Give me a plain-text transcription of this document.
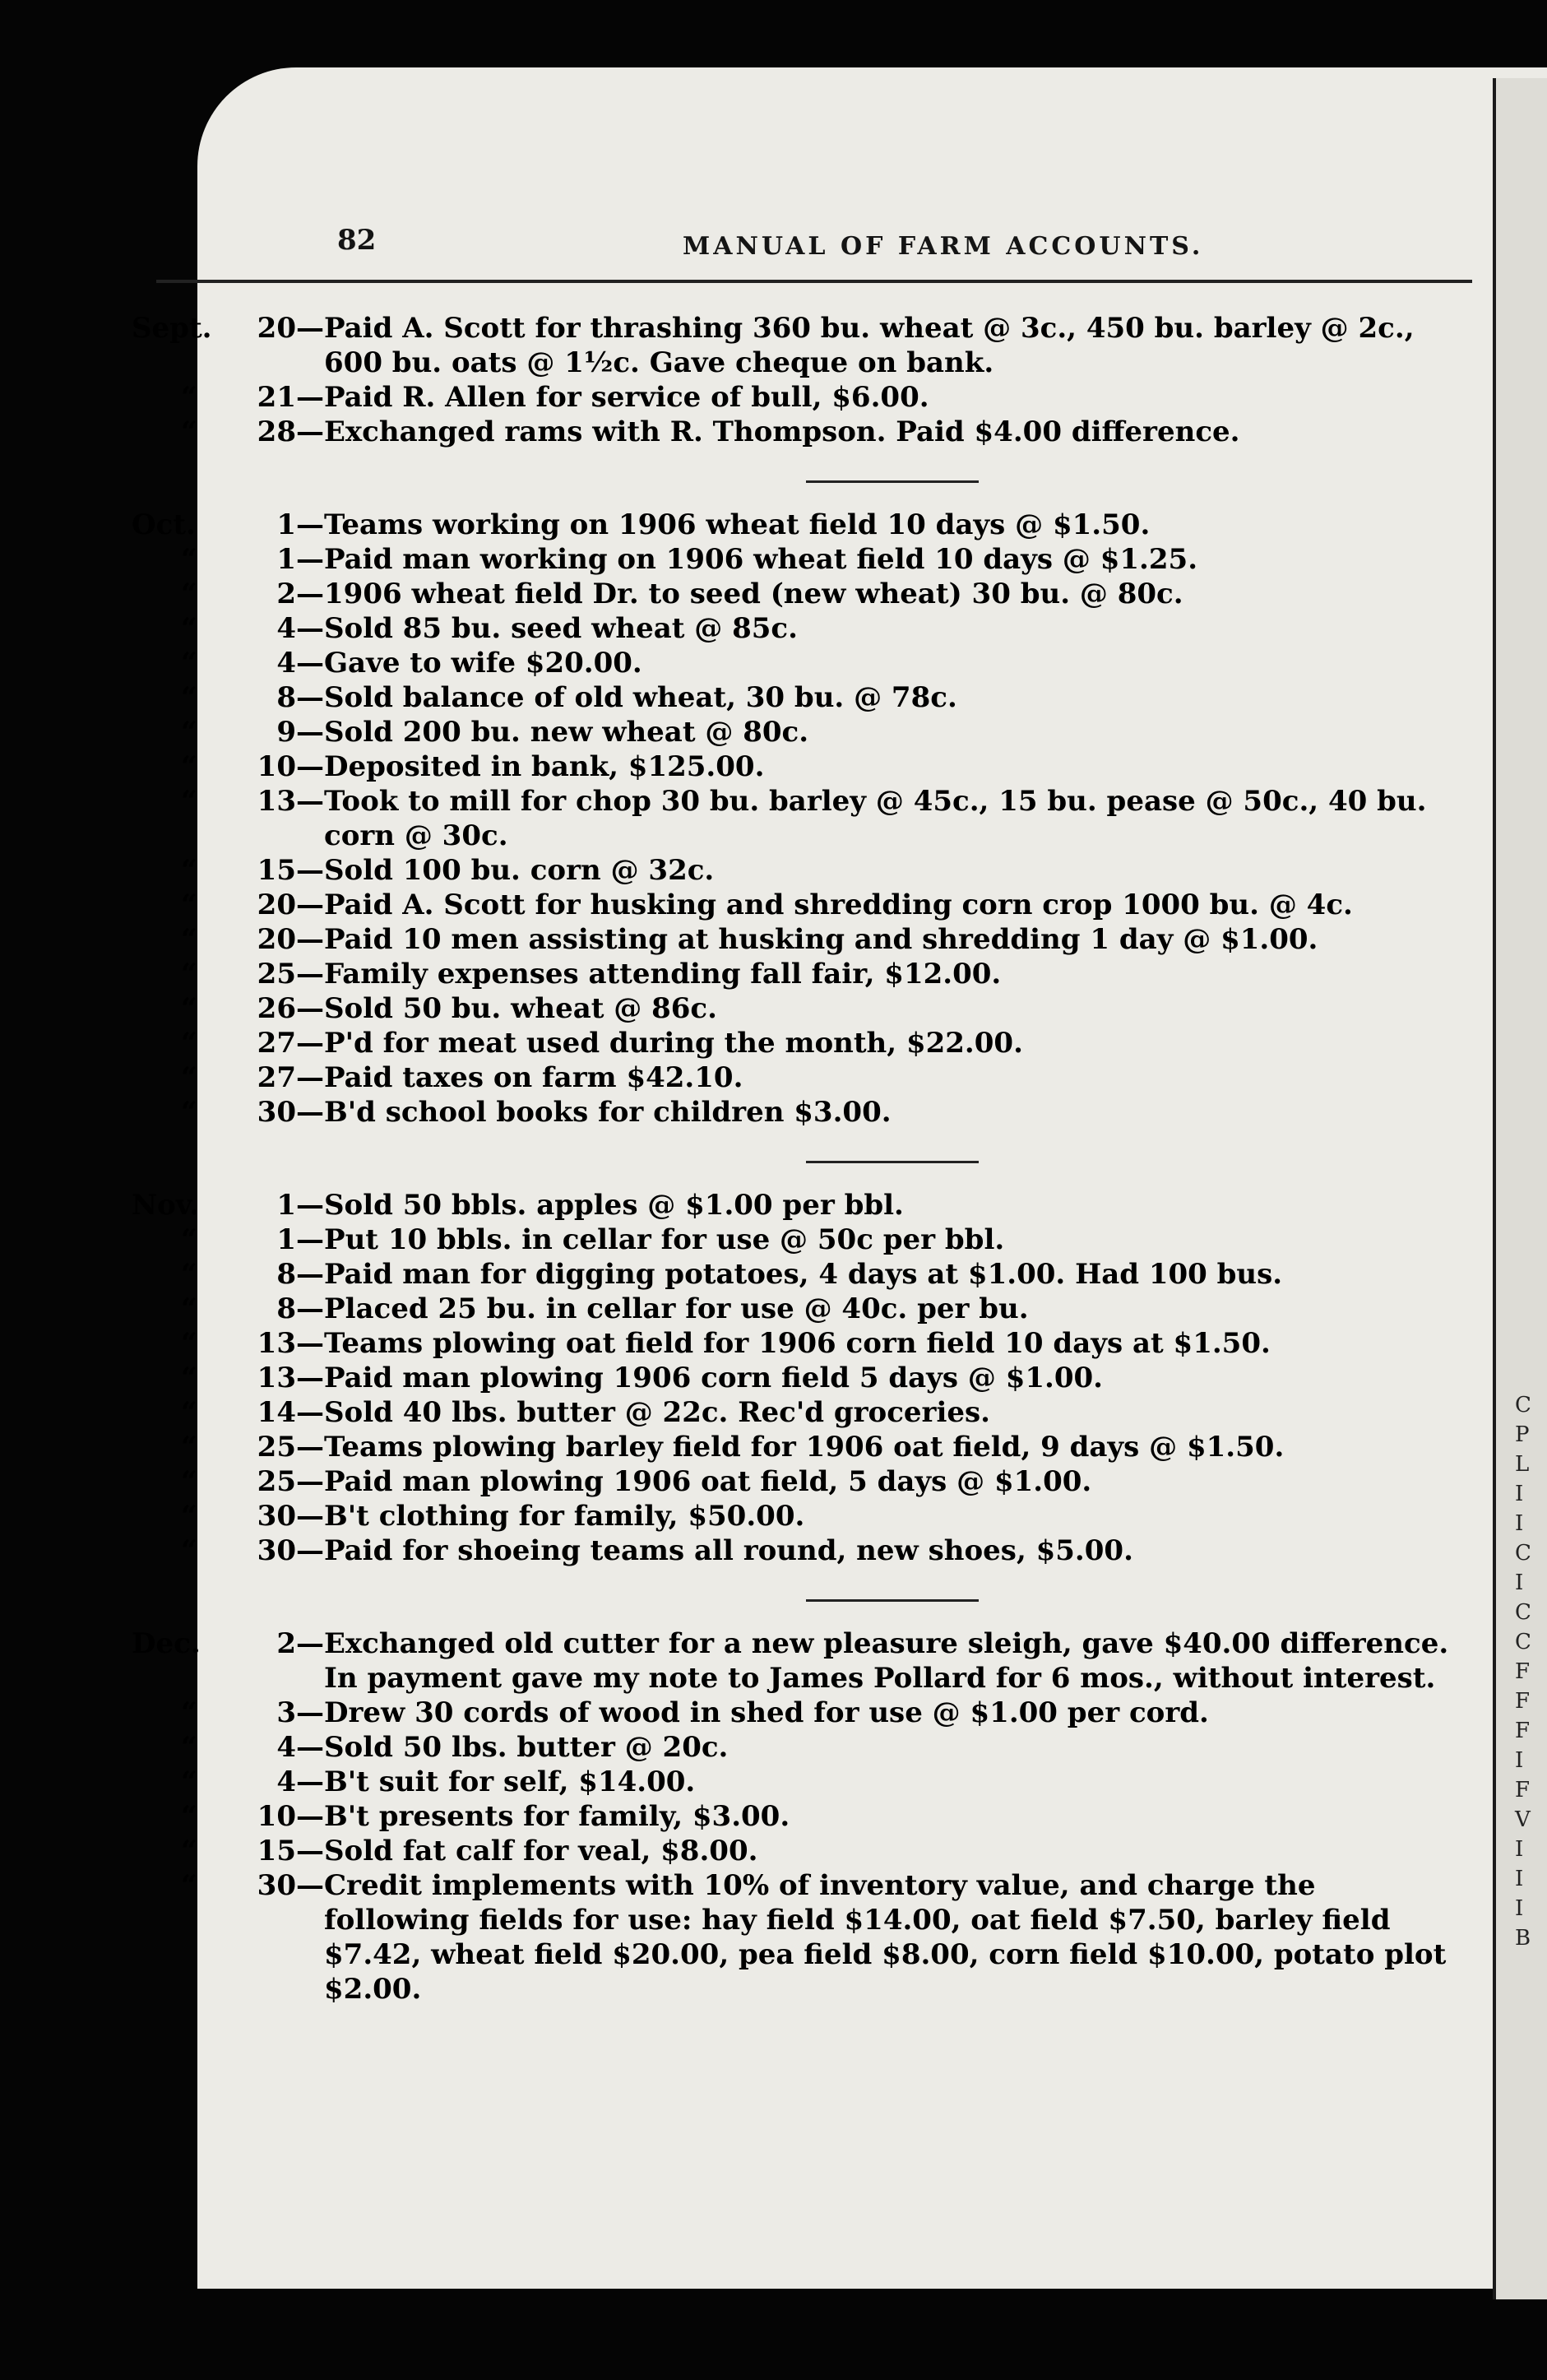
82	MANUAL OF FARM ACCOUNTS.
Sept.	20 — Paid A. Scott for thrashing 360 bu. wheat @ 3c., 450 bu. barley @ 2c., 600 bu. oats @ 1½c. Gave cheque on bank.
“	21 — Paid R. Allen for service of bull, $6.00.
“	28 — Exchanged rams with R. Thompson. Paid $4.00 difference.
Oct.	1 — Teams working on 1906 wheat field 10 days @ $1.50.
“	1 — Paid man working on 1906 wheat field 10 days @ $1.25.
“	2 — 1906 wheat field Dr. to seed (new wheat) 30 bu. @ 80c.
“	4 — Sold 85 bu. seed wheat @ 85c.
“	4 — Gave to wife $20.00.
“	8 — Sold balance of old wheat, 30 bu. @ 78c.
“	9 — Sold 200 bu. new wheat @ 80c.
“	10 — Deposited in bank, $125.00.
“	13 — Took to mill for chop 30 bu. barley @ 45c., 15 bu. pease @ 50c., 40 bu. corn @ 30c.
“	15 — Sold 100 bu. corn @ 32c.
“	20 — Paid A. Scott for husking and shredding corn crop 1000 bu. @ 4c.
“	20 — Paid 10 men assisting at husking and shredding 1 day @ $1.00.
“	25 — Family expenses attending fall fair, $12.00.
“	26 — Sold 50 bu. wheat @ 86c.
“	27 — P'd for meat used during the month, $22.00.
“	27 — Paid taxes on farm $42.10.
“	30 — B'd school books for children $3.00.
Nov.	1 — Sold 50 bbls. apples @ $1.00 per bbl.
“	1 — Put 10 bbls. in cellar for use @ 50c per bbl.
“	8 — Paid man for digging potatoes, 4 days at $1.00. Had 100 bus.
“	8 — Placed 25 bu. in cellar for use @ 40c. per bu.
“	13 — Teams plowing oat field for 1906 corn field 10 days at $1.50.
“	13 — Paid man plowing 1906 corn field 5 days @ $1.00.
“	14 — Sold 40 lbs. butter @ 22c. Rec'd groceries.
“	25 — Teams plowing barley field for 1906 oat field, 9 days @ $1.50.
“	25 — Paid man plowing 1906 oat field, 5 days @ $1.00.
“	30 — B't clothing for family, $50.00.
“	30 — Paid for shoeing teams all round, new shoes, $5.00.
Dec.	2 — Exchanged old cutter for a new pleasure sleigh, gave $40.00 difference. In payment gave my note to James Pollard for 6 mos., without interest.
“	3 — Drew 30 cords of wood in shed for use @ $1.00 per cord.
“	4 — Sold 50 lbs. butter @ 20c.
“	4 — B't suit for self, $14.00.
“	10 — B't presents for family, $3.00.
“	15 — Sold fat calf for veal, $8.00.
“	30 — Credit implements with 10% of inventory value, and charge the following fields for use: hay field $14.00, oat field $7.50, barley field $7.42, wheat field $20.00, pea field $8.00, corn field $10.00, potato plot $2.00.
C
P
L
I
I
C
I
C
C
F
F
F
I
F
V
I
I
I
B
